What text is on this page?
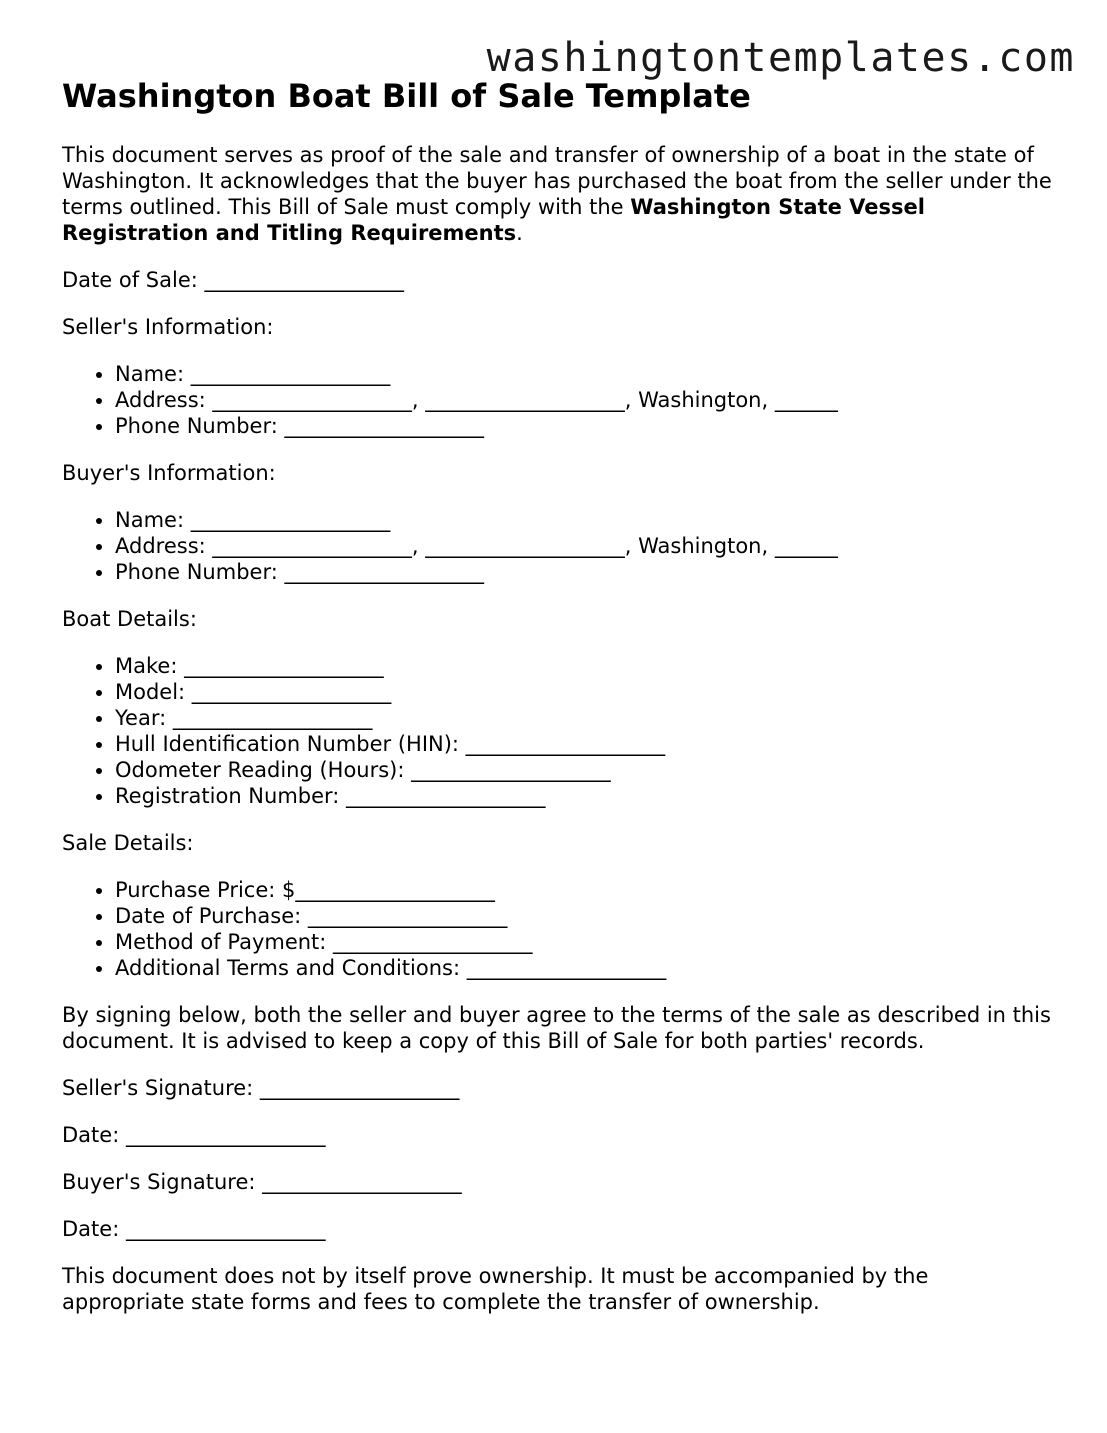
washingtontemplates.com
Washington Boat Bill of Sale Template

This document serves as proof of the sale and transfer of ownership of a boat in the state of Washington. It acknowledges that the buyer has purchased the boat from the seller under the terms outlined. This Bill of Sale must comply with the Washington State Vessel Registration and Titling Requirements.

Date of Sale: ___________________

Seller's Information:

• Name: ___________________
• Address: ___________________, ___________________, Washington, ______
• Phone Number: ___________________

Buyer's Information:

• Name: ___________________
• Address: ___________________, ___________________, Washington, ______
• Phone Number: ___________________

Boat Details:

• Make: ___________________
• Model: ___________________
• Year: ___________________
• Hull Identification Number (HIN): ___________________
• Odometer Reading (Hours): ___________________
• Registration Number: ___________________

Sale Details:

• Purchase Price: $___________________
• Date of Purchase: ___________________
• Method of Payment: ___________________
• Additional Terms and Conditions: ___________________

By signing below, both the seller and buyer agree to the terms of the sale as described in this document. It is advised to keep a copy of this Bill of Sale for both parties' records.

Seller's Signature: ___________________

Date: ___________________

Buyer's Signature: ___________________

Date: ___________________

This document does not by itself prove ownership. It must be accompanied by the appropriate state forms and fees to complete the transfer of ownership.
